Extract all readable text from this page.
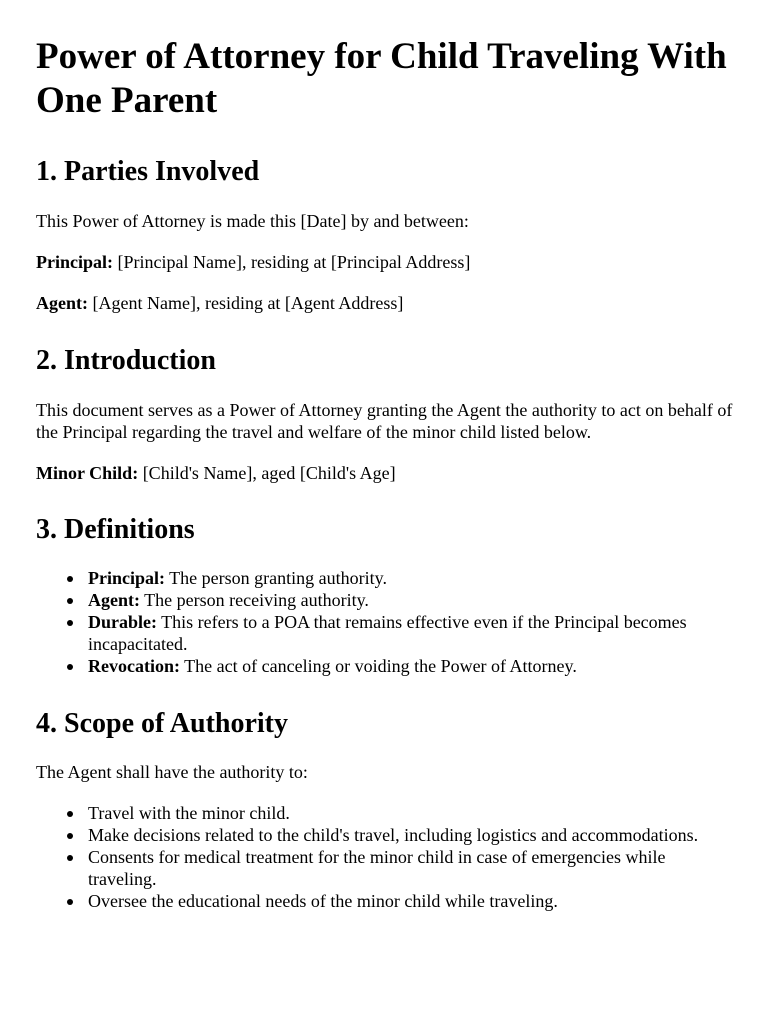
Power of Attorney for Child Traveling With One Parent
1. Parties Involved

This Power of Attorney is made this [Date] by and between:

Principal: [Principal Name], residing at [Principal Address]

Agent: [Agent Name], residing at [Agent Address]

2. Introduction

This document serves as a Power of Attorney granting the Agent the authority to act on behalf of the Principal regarding the travel and welfare of the minor child listed below.

Minor Child: [Child's Name], aged [Child's Age]

3. Definitions
Principal: The person granting authority.
Agent: The person receiving authority.
Durable: This refers to a POA that remains effective even if the Principal becomes incapacitated.
Revocation: The act of canceling or voiding the Power of Attorney.
4. Scope of Authority

The Agent shall have the authority to:

Travel with the minor child.
Make decisions related to the child's travel, including logistics and accommodations.
Consents for medical treatment for the minor child in case of emergencies while traveling.
Oversee the educational needs of the minor child while traveling.
